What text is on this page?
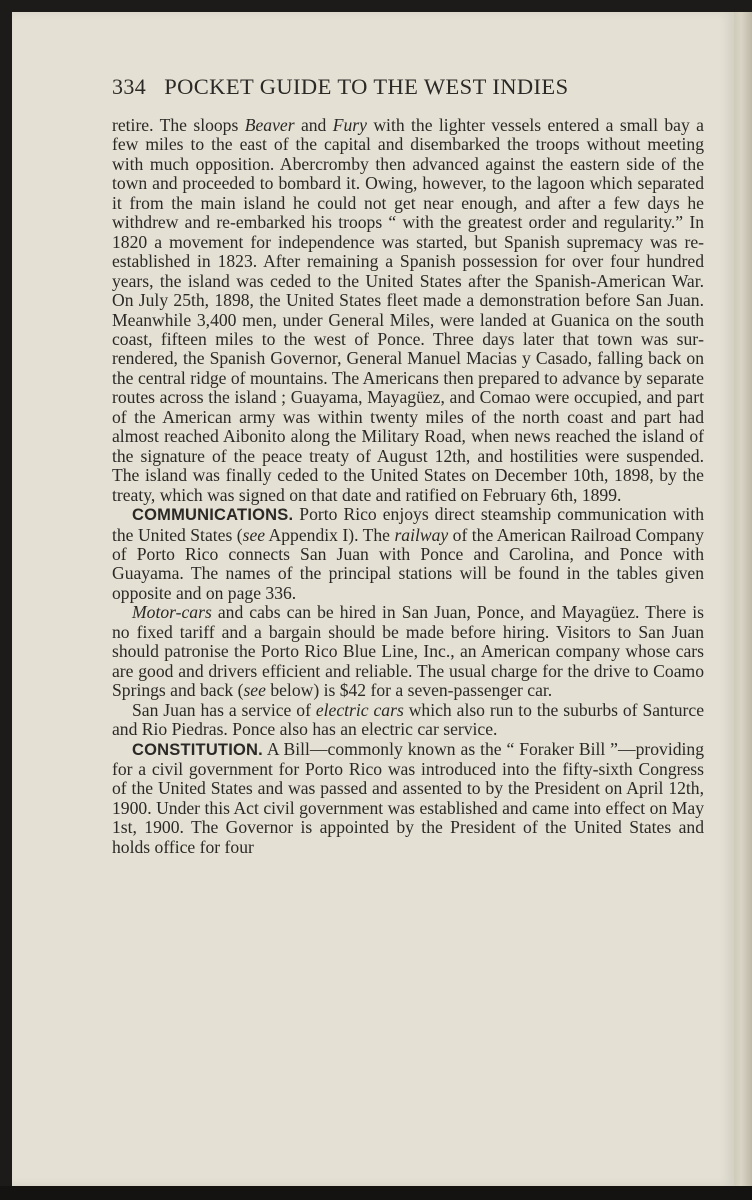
334 POCKET GUIDE TO THE WEST INDIES

retire. The sloops Beaver and Fury with the lighter vessels entered a small bay a few miles to the east of the capital and disembarked the troops without meeting with much opposition. Abercromby then advanced against the eastern side of the town and proceeded to bombard it. Owing, however, to the lagoon which separated it from the main island he could not get near enough, and after a few days he withdrew and re-embarked his troops “ with the greatest order and regularity.” In 1820 a movement for independence was started, but Spanish supremacy was re-established in 1823. After remaining a Spanish possession for over four hundred years, the island was ceded to the United States after the Spanish-American War. On July 25th, 1898, the United States fleet made a demonstration before San Juan. Meanwhile 3,400 men, under General Miles, were landed at Guanica on the south coast, fifteen miles to the west of Ponce. Three days later that town was surrendered, the Spanish Governor, General Manuel Macias y Casado, falling back on the central ridge of mountains. The Americans then prepared to advance by separate routes across the island ; Guayama, Mayagüez, and Comao were occupied, and part of the American army was within twenty miles of the north coast and part had almost reached Aibonito along the Military Road, when news reached the island of the signature of the peace treaty of August 12th, and hostilities were suspended. The island was finally ceded to the United States on December 10th, 1898, by the treaty, which was signed on that date and ratified on February 6th, 1899.

COMMUNICATIONS. Porto Rico enjoys direct steamship communication with the United States (see Appendix I). The railway of the American Railroad Company of Porto Rico connects San Juan with Ponce and Carolina, and Ponce with Guayama. The names of the principal stations will be found in the tables given opposite and on page 336.

Motor-cars and cabs can be hired in San Juan, Ponce, and Mayagüez. There is no fixed tariff and a bargain should be made before hiring. Visitors to San Juan should patronise the Porto Rico Blue Line, Inc., an American company whose cars are good and drivers efficient and reliable. The usual charge for the drive to Coamo Springs and back (see below) is $42 for a seven-passenger car.

San Juan has a service of electric cars which also run to the suburbs of Santurce and Rio Piedras. Ponce also has an electric car service.

CONSTITUTION. A Bill—commonly known as the “ Foraker Bill ”—providing for a civil government for Porto Rico was introduced into the fifty-sixth Congress of the United States and was passed and assented to by the President on April 12th, 1900. Under this Act civil government was established and came into effect on May 1st, 1900. The Governor is appointed by the President of the United States and holds office for four
